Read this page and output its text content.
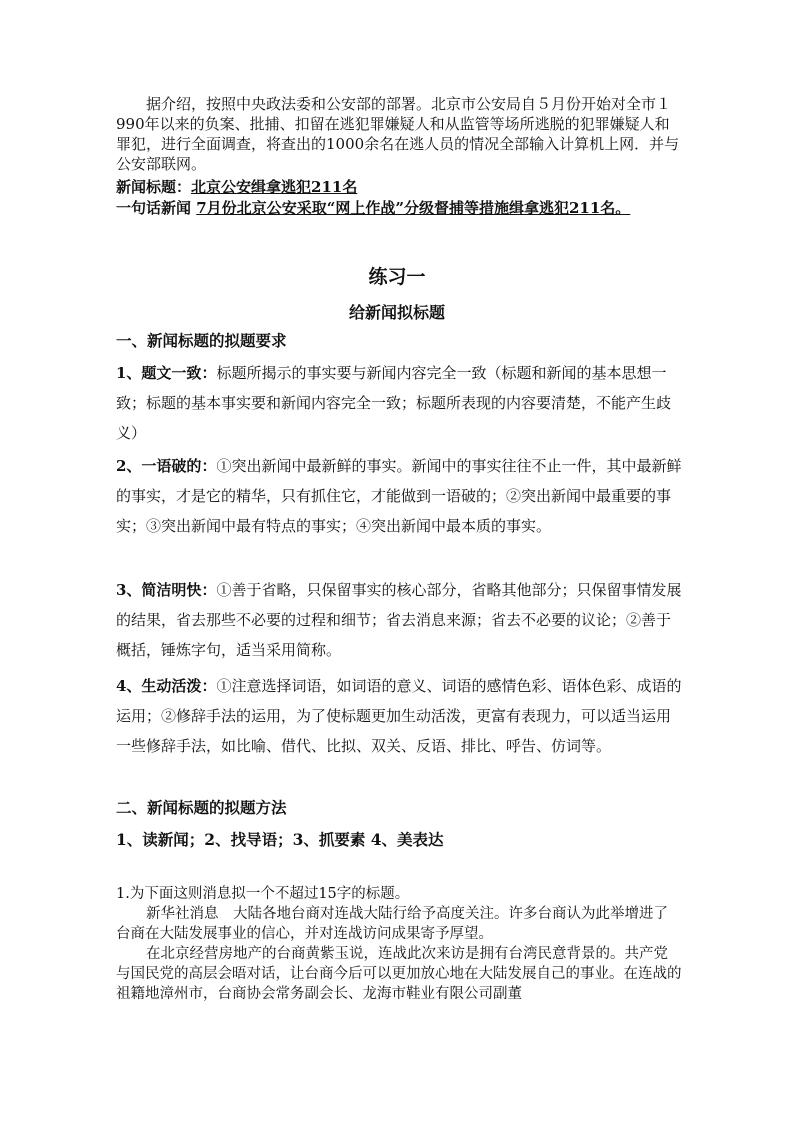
据介绍，按照中央政法委和公安部的部署。北京市公安局自５月份开始对全市１990年以来的负案、批捕、扣留在逃犯罪嫌疑人和从监管等场所逃脱的犯罪嫌疑人和罪犯，进行全面调查，将查出的1000余名在逃人员的情况全部输入计算机上网．并与公安部联网。

新闻标题：北京公安缉拿逃犯211名
一句话新闻 7月份北京公安采取“网上作战”分级督捕等措施缉拿逃犯211名。
练习一
给新闻拟标题
一、新闻标题的拟题要求

1、题文一致：标题所揭示的事实要与新闻内容完全一致（标题和新闻的基本思想一致；标题的基本事实要和新闻内容完全一致；标题所表现的内容要清楚，不能产生歧义）

2、一语破的：①突出新闻中最新鲜的事实。新闻中的事实往往不止一件，其中最新鲜的事实，才是它的精华，只有抓住它，才能做到一语破的；②突出新闻中最重要的事实；③突出新闻中最有特点的事实；④突出新闻中最本质的事实。

3、简洁明快：①善于省略，只保留事实的核心部分，省略其他部分；只保留事情发展的结果，省去那些不必要的过程和细节；省去消息来源；省去不必要的议论；②善于概括，锤炼字句，适当采用简称。

4、生动活泼：①注意选择词语，如词语的意义、词语的感情色彩、语体色彩、成语的运用；②修辞手法的运用，为了使标题更加生动活泼，更富有表现力，可以适当运用一些修辞手法，如比喻、借代、比拟、双关、反语、排比、呼告、仿词等。

二、新闻标题的拟题方法
1、读新闻；2、找导语；3、抓要素 4、美表达

1.为下面这则消息拟一个不超过15字的标题。

新华社消息　大陆各地台商对连战大陆行给予高度关注。许多台商认为此举增进了台商在大陆发展事业的信心，并对连战访问成果寄予厚望。

在北京经营房地产的台商黄紫玉说，连战此次来访是拥有台湾民意背景的。共产党与国民党的高层会晤对话，让台商今后可以更加放心地在大陆发展自己的事业。在连战的祖籍地漳州市，台商协会常务副会长、龙海市鞋业有限公司副董
